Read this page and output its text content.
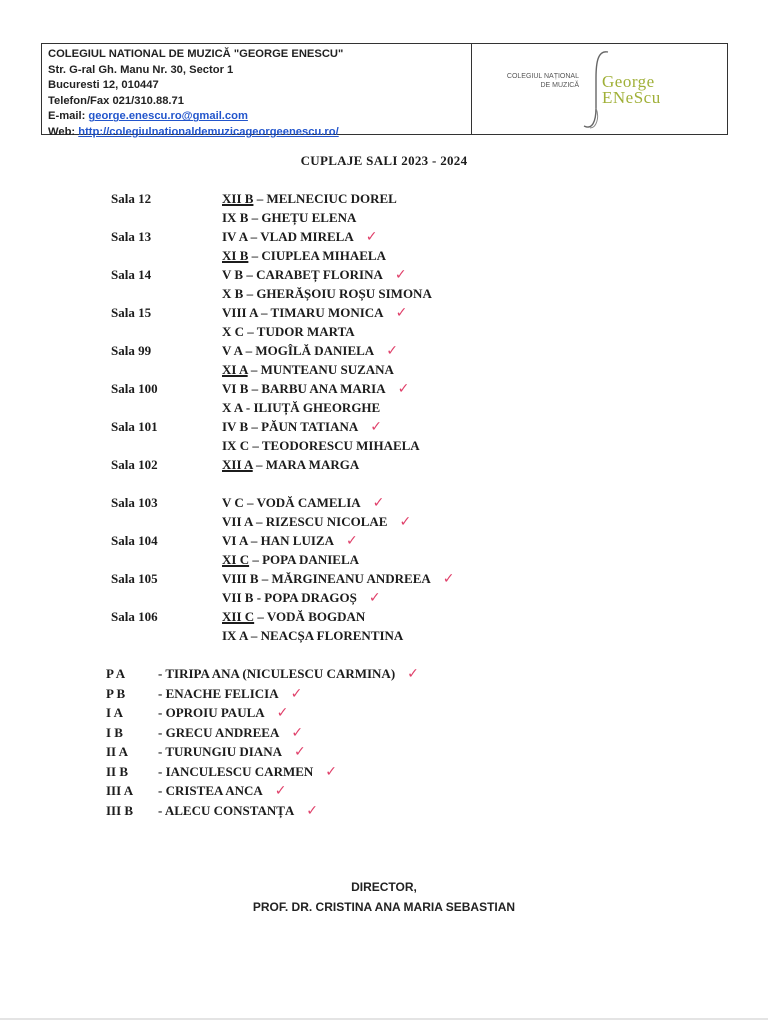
COLEGIUL NATIONAL DE MUZICĂ "GEORGE ENESCU"
Str. G-ral Gh. Manu Nr. 30, Sector 1
Bucuresti 12, 010447
Telefon/Fax 021/310.88.71
E-mail: george.enescu.ro@gmail.com
Web: http://colegiulnationaldemuzicageorgeenescu.ro/
COLEGIUL NAȚIONAL
DE MUZICĂ George
ENeScu
CUPLAJE SALI 2023 - 2024
Sala 12	XII B – MELNECIUC DOREL
IX B – GHEȚU ELENA
Sala 13	IV A – VLAD MIRELA ✓
XI B – CIUPLEA MIHAELA
Sala 14	V B – CARABEȚ FLORINA ✓
X B – GHERĂȘOIU ROȘU SIMONA
Sala 15	VIII A – TIMARU MONICA ✓
X C – TUDOR MARTA
Sala 99	V A – MOGÎLĂ DANIELA ✓
XI A – MUNTEANU SUZANA
Sala 100	VI B – BARBU ANA MARIA ✓
X A - ILIUȚĂ GHEORGHE
Sala 101	IV B – PĂUN TATIANA ✓
IX C – TEODORESCU MIHAELA
Sala 102	XII A – MARA MARGA
Sala 103	V C – VODĂ CAMELIA ✓
VII A – RIZESCU NICOLAE ✓
Sala 104	VI A – HAN LUIZA ✓
XI C – POPA DANIELA
Sala 105	VIII B – MĂRGINEANU ANDREEA ✓
VII B - POPA DRAGOȘ ✓
Sala 106	XII C – VODĂ BOGDAN
IX A – NEACȘA FLORENTINA
P A	- TIRIPA ANA (NICULESCU CARMINA) ✓
P B	- ENACHE FELICIA ✓
I A	- OPROIU PAULA ✓
I B	- GRECU ANDREEA ✓
II A - TURUNGIU DIANA ✓
II B - IANCULESCU CARMEN ✓
III A - CRISTEA ANCA ✓
III B - ALECU CONSTANȚA ✓
DIRECTOR,
PROF. DR. CRISTINA ANA MARIA SEBASTIAN
